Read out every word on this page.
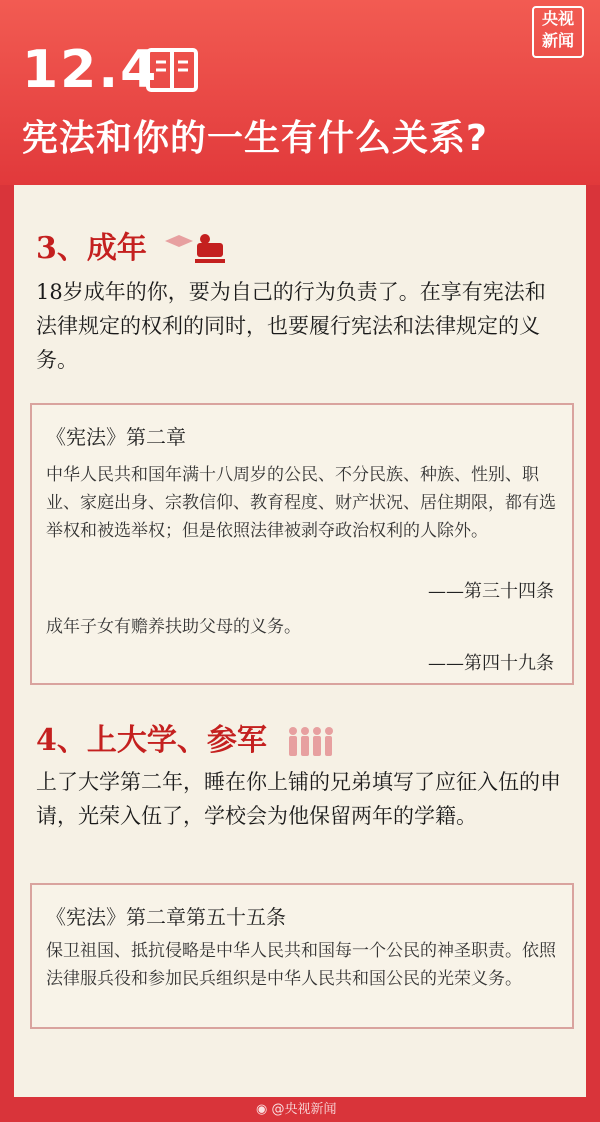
12.4
宪法和你的一生有什么关系?
央视
新闻
3、成年
18岁成年的你，要为自己的行为负责了。在享有宪法和法律规定的权利的同时，也要履行宪法和法律规定的义务。
《宪法》第二章
中华人民共和国年满十八周岁的公民、不分民族、种族、性别、职业、家庭出身、宗教信仰、教育程度、财产状况、居住期限，都有选举权和被选举权；但是依照法律被剥夺政治权利的人除外。
——第三十四条
成年子女有赡养扶助父母的义务。
——第四十九条
4、上大学、参军
上了大学第二年，睡在你上铺的兄弟填写了应征入伍的申请，光荣入伍了，学校会为他保留两年的学籍。
《宪法》第二章第五十五条
保卫祖国、抵抗侵略是中华人民共和国每一个公民的神圣职责。依照法律服兵役和参加民兵组织是中华人民共和国公民的光荣义务。
◉ @央视新闻
